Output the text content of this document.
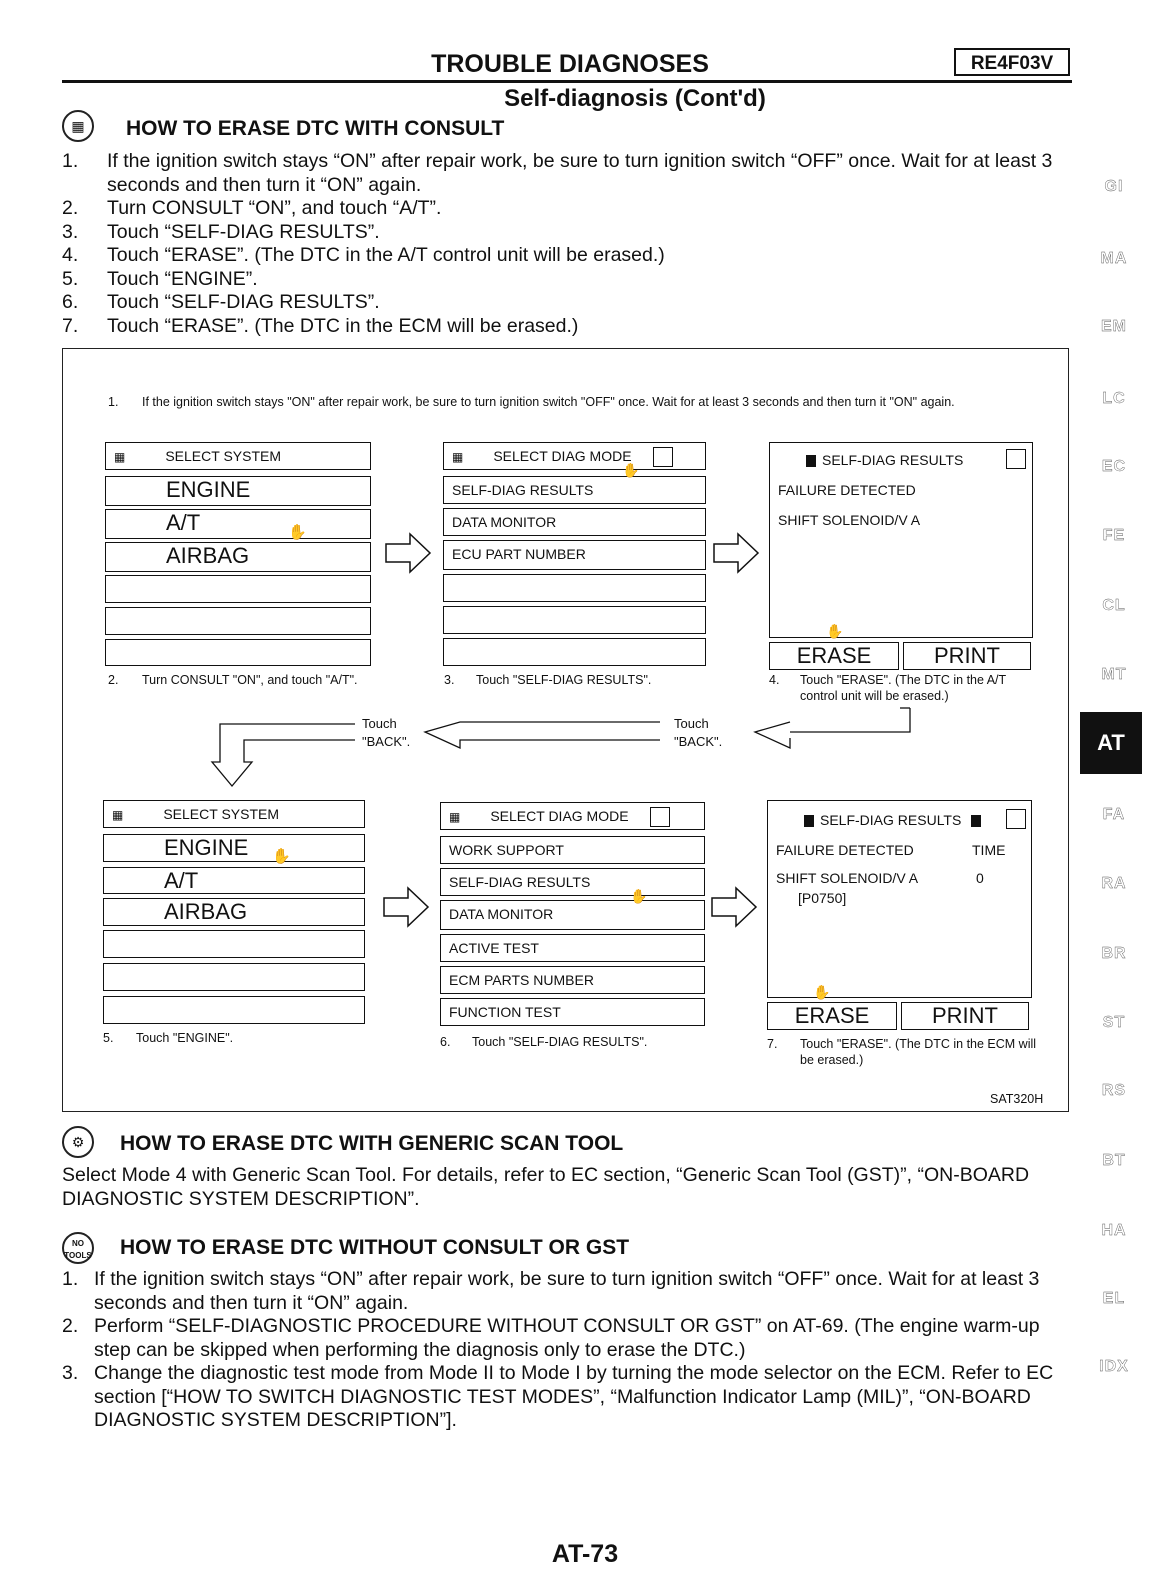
TROUBLE DIAGNOSES	RE4F03V
Self-diagnosis (Cont'd)
▦	HOW TO ERASE DTC WITH CONSULT
1. If the ignition switch stays “ON” after repair work, be sure to turn ignition switch “OFF” once. Wait for at least 3 seconds and then turn it “ON” again.
2. Turn CONSULT “ON”, and touch “A/T”.
3. Touch “SELF-DIAG RESULTS”.
4. Touch “ERASE”. (The DTC in the A/T control unit will be erased.)
5. Touch “ENGINE”.
6. Touch “SELF-DIAG RESULTS”.
7. Touch “ERASE”. (The DTC in the ECM will be erased.)
1. If the ignition switch stays "ON" after repair work, be sure to turn ignition switch "OFF" once. Wait for at least 3 seconds and then turn it "ON" again.
▦	SELECT SYSTEM
ENGINE
A/T
AIRBAG
✋
▦ SELECT DIAG MODE
SELF-DIAG RESULTS
DATA MONITOR
ECU PART NUMBER
✋
SELF-DIAG RESULTS
FAILURE DETECTED
SHIFT SOLENOID/V A
ERASE	PRINT
✋
2. Turn CONSULT "ON", and touch "A/T".	3. Touch "SELF-DIAG RESULTS".	4. Touch "ERASE". (The DTC in the A/T control unit will be erased.)
Touch
"BACK".
Touch
"BACK".
▦	SELECT SYSTEM
ENGINE
A/T
AIRBAG
✋
▦ SELECT DIAG MODE
WORK SUPPORT
SELF-DIAG RESULTS
DATA MONITOR
ACTIVE TEST
ECM PARTS NUMBER
FUNCTION TEST
✋
SELF-DIAG RESULTS
FAILURE DETECTED	TIME
SHIFT SOLENOID/V A	0
[P0750]
ERASE	PRINT
✋
5. Touch "ENGINE".	6. Touch "SELF-DIAG RESULTS".	7. Touch "ERASE". (The DTC in the ECM will be erased.)
SAT320H
⚙	HOW TO ERASE DTC WITH GENERIC SCAN TOOL
Select Mode 4 with Generic Scan Tool. For details, refer to EC section, “Generic Scan Tool (GST)”, “ON-BOARD DIAGNOSTIC SYSTEM DESCRIPTION”.
NO TOOLS HOW TO ERASE DTC WITHOUT CONSULT OR GST
1. If the ignition switch stays “ON” after repair work, be sure to turn ignition switch “OFF” once. Wait for at least 3 seconds and then turn it “ON” again.
2. Perform “SELF-DIAGNOSTIC PROCEDURE WITHOUT CONSULT OR GST” on AT-69. (The engine warm-up step can be skipped when performing the diagnosis only to erase the DTC.)
3. Change the diagnostic test mode from Mode II to Mode I by turning the mode selector on the ECM. Refer to EC section [“HOW TO SWITCH DIAGNOSTIC TEST MODES”, “Malfunction Indicator Lamp (MIL)”, “ON-BOARD DIAGNOSTIC SYSTEM DESCRIPTION”].
GI
MA
EM
LC
EC
FE
CL
MT
FA
RA
BR
ST
RS
BT
HA
EL
IDX
AT
AT-73
